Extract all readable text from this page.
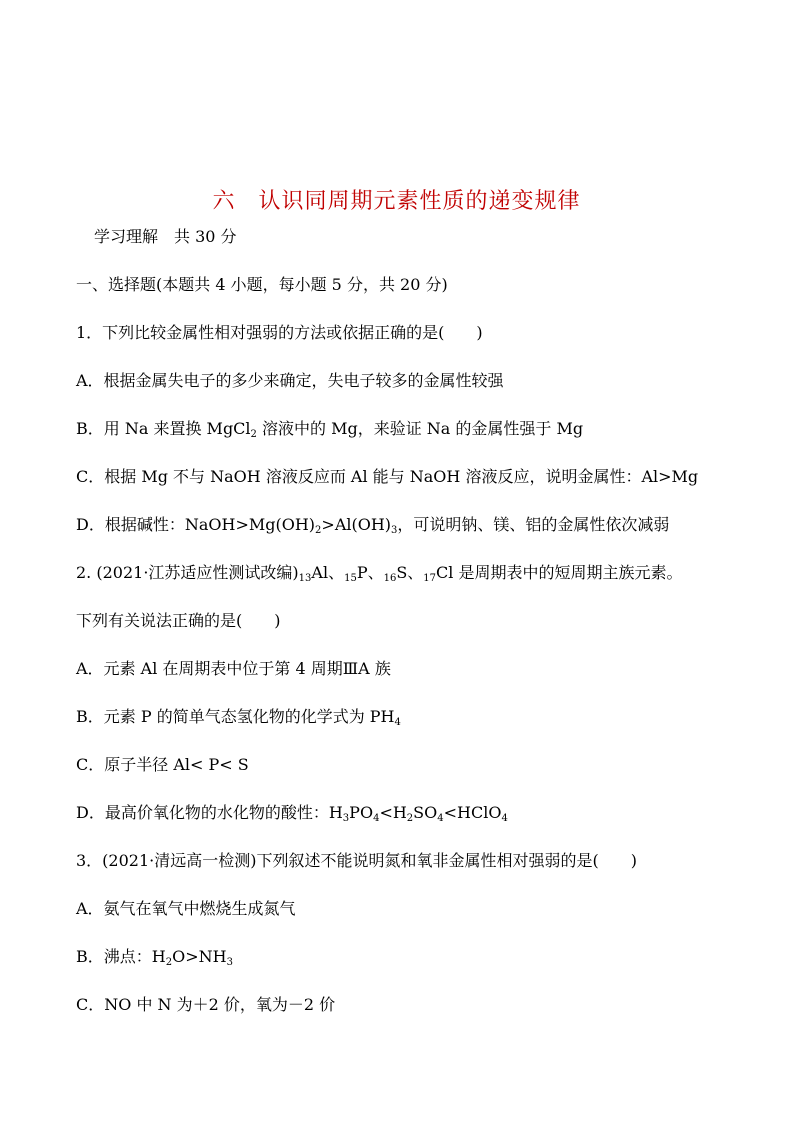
六　认识同周期元素性质的递变规律
学习理解　共 30 分
一、选择题(本题共 4 小题，每小题 5 分，共 20 分)
1．下列比较金属性相对强弱的方法或依据正确的是(　　)
A．根据金属失电子的多少来确定，失电子较多的金属性较强
B．用 Na 来置换 MgCl$_2$ 溶液中的 Mg，来验证 Na 的金属性强于 Mg
C．根据 Mg 不与 NaOH 溶液反应而 Al 能与 NaOH 溶液反应，说明金属性：Al>Mg
D．根据碱性：$NaOH>Mg(OH)_2>Al(OH)_3$，可说明钠、镁、铝的金属性依次减弱
2. (2021·江苏适应性测试改编)13Al、15P、16S、17Cl 是周期表中的短周期主族元素。
下列有关说法正确的是(　　)
A．元素 Al 在周期表中位于第 4 周期ⅢA 族
B．元素 P 的简单气态氢化物的化学式为 $PH_4$
C．原子半径 Al< P< S
D．最高价氧化物的水化物的酸性：$H_3PO_4<H_2SO_4<HClO_4$
3．(2021·清远高一检测)下列叙述不能说明氮和氧非金属性相对强弱的是(　　)
A．氨气在氧气中燃烧生成氮气
B．沸点：$H_2O>NH_3$
C．NO 中 N 为＋2 价，氧为－2 价
